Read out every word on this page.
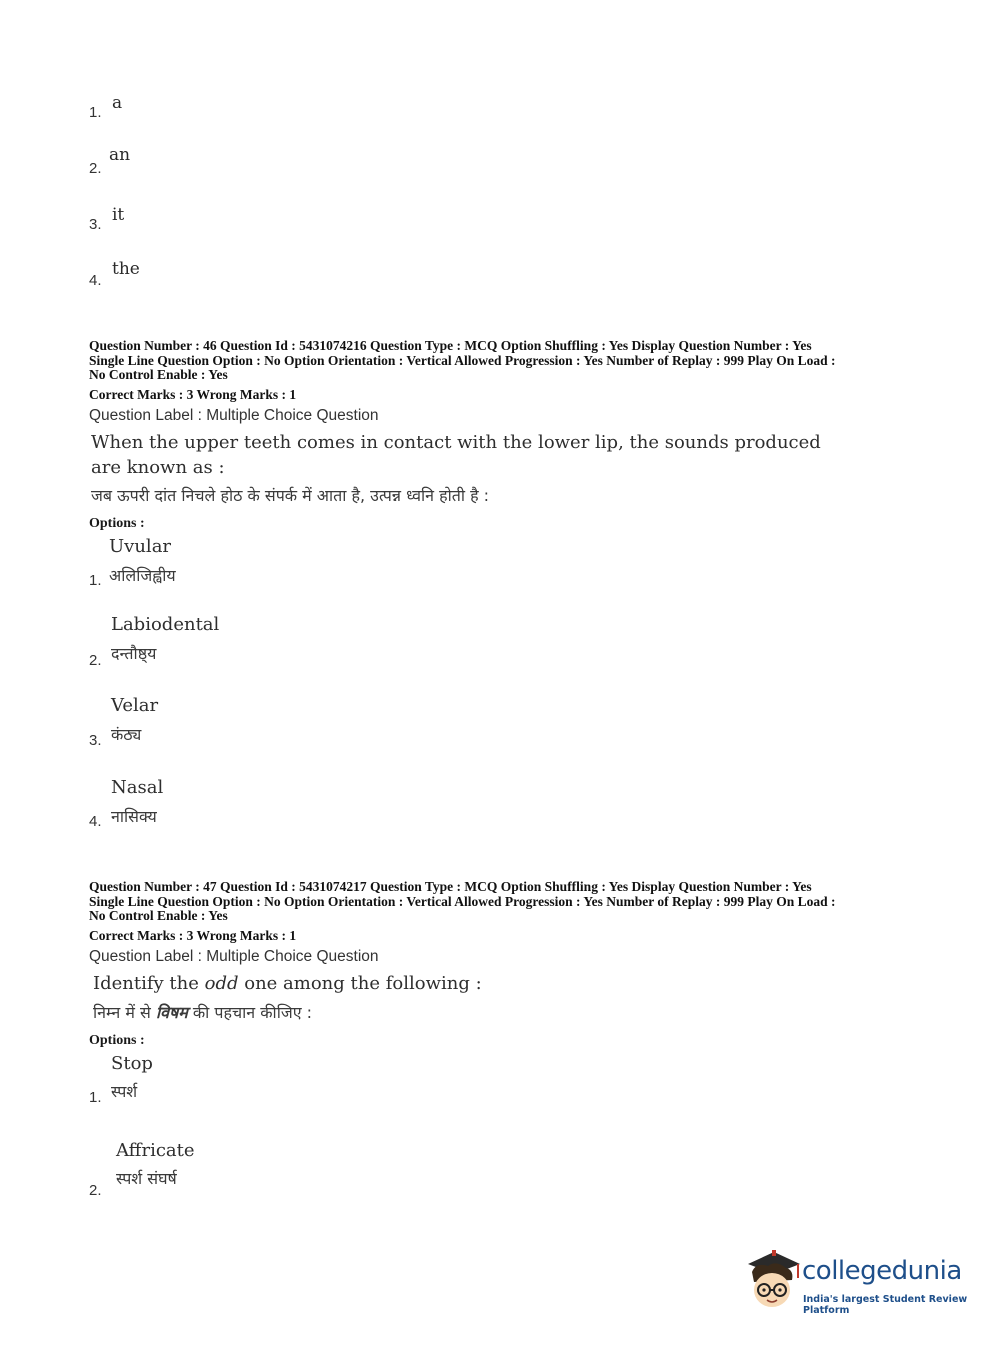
1. a
2.
an
3. it
4.
the
Question Number : 46 Question Id : 5431074216 Question Type : MCQ Option Shuffling : Yes Display Question Number : Yes
Single Line Question Option : No Option Orientation : Vertical Allowed Progression : Yes Number of Replay : 999 Play On Load :
No Control Enable : Yes
Correct Marks : 3 Wrong Marks : 1
Question Label : Multiple Choice Question
When the upper teeth comes in contact with the lower lip, the sounds produced
are known as :
जब ऊपरी दांत निचले होठ के संपर्क में आता है, उत्पन्न ध्वनि होती है :
Options :
Uvular
अलिजिह्वीय
1.
Labiodental
दन्तौष्ठ्य
2.
Velar
कंठ्य
3.
Nasal
नासिक्य
4.
Question Number : 47 Question Id : 5431074217 Question Type : MCQ Option Shuffling : Yes Display Question Number : Yes
Single Line Question Option : No Option Orientation : Vertical Allowed Progression : Yes Number of Replay : 999 Play On Load :
No Control Enable : Yes
Correct Marks : 3 Wrong Marks : 1
Question Label : Multiple Choice Question
Identify the odd one among the following :
निम्न में से विषम की पहचान कीजिए :
Options :
Stop
स्पर्श
1.
Affricate
स्पर्श संघर्ष
2.
collegedunia
India's largest Student Review Platform
